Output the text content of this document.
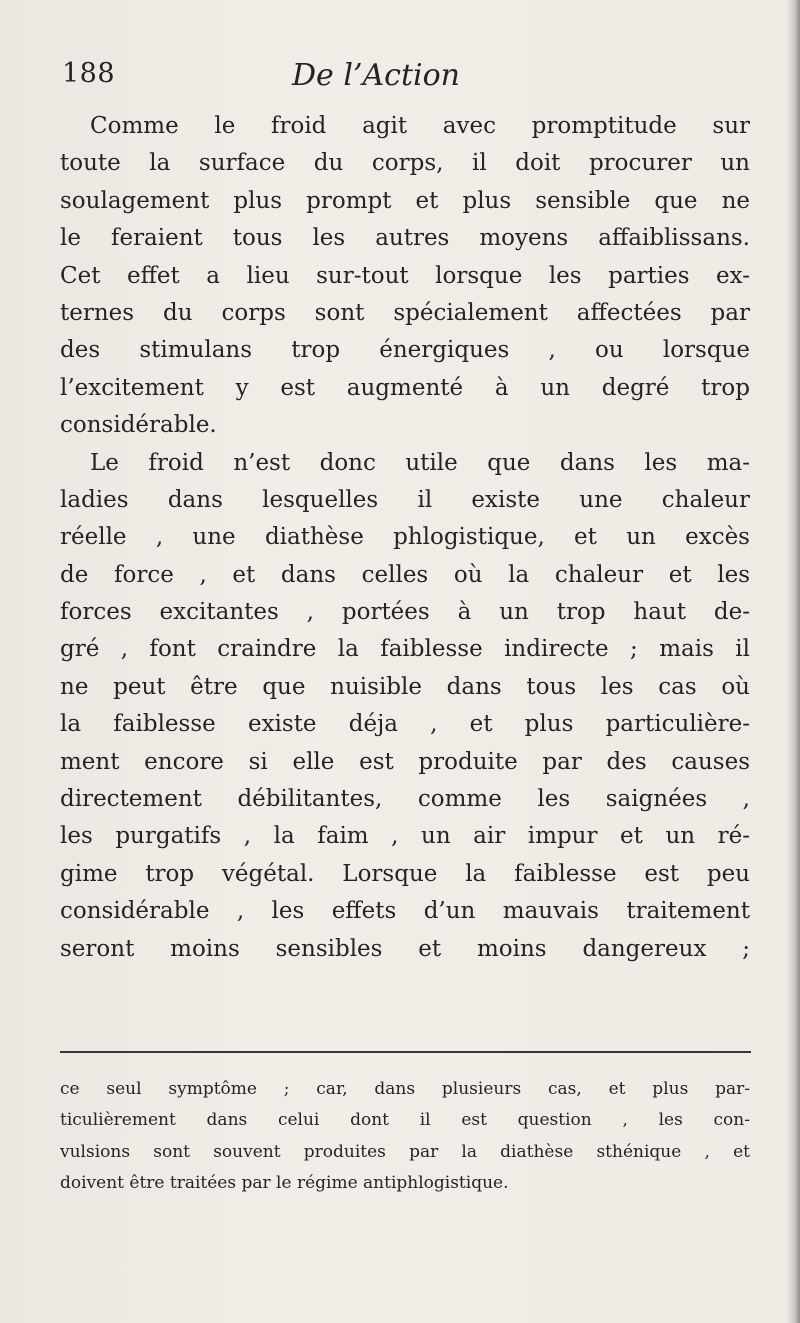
188	De l’Action
Comme le froid agit avec promptitude sur
toute la surface du corps, il doit procurer un
soulagement plus prompt et plus sensible que ne
le feraient tous les autres moyens affaiblissans.
Cet effet a lieu sur-tout lorsque les parties ex-
ternes du corps sont spécialement affectées par
des stimulans trop énergiques , ou lorsque
l’excitement y est augmenté à un degré trop
considérable.
Le froid n’est donc utile que dans les ma-
ladies dans lesquelles il existe une chaleur
réelle , une diathèse phlogistique, et un excès
de force , et dans celles où la chaleur et les
forces excitantes , portées à un trop haut de-
gré , font craindre la faiblesse indirecte ; mais il
ne peut être que nuisible dans tous les cas où
la faiblesse existe déja , et plus particulière-
ment encore si elle est produite par des causes
directement débilitantes, comme les saignées ,
les purgatifs , la faim , un air impur et un ré-
gime trop végétal. Lorsque la faiblesse est peu
considérable , les effets d’un mauvais traitement
seront moins sensibles et moins dangereux ;
ce seul symptôme ; car, dans plusieurs cas, et plus par-
ticulièrement dans celui dont il est question , les con-
vulsions sont souvent produites par la diathèse sthénique , et
doivent être traitées par le régime antiphlogistique.
